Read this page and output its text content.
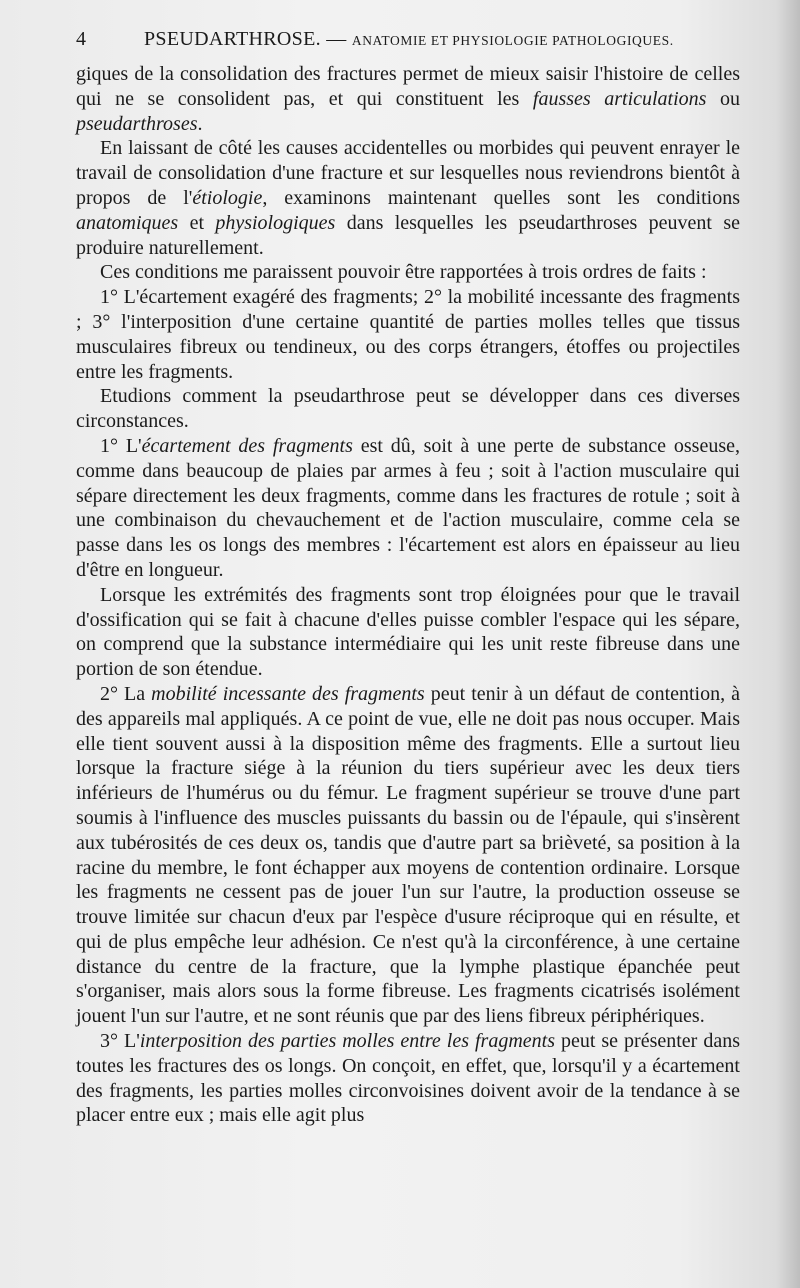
4	PSEUDARTHROSE. — ANATOMIE ET PHYSIOLOGIE PATHOLOGIQUES.

giques de la consolidation des fractures permet de mieux saisir l'histoire de celles qui ne se consolident pas, et qui constituent les fausses articulations ou pseudarthroses.

En laissant de côté les causes accidentelles ou morbides qui peuvent enrayer le travail de consolidation d'une fracture et sur lesquelles nous reviendrons bientôt à propos de l'étiologie, examinons maintenant quelles sont les conditions anatomiques et physiologiques dans lesquelles les pseudarthroses peuvent se produire naturellement.

Ces conditions me paraissent pouvoir être rapportées à trois ordres de faits :

1° L'écartement exagéré des fragments; 2° la mobilité incessante des fragments ; 3° l'interposition d'une certaine quantité de parties molles telles que tissus musculaires fibreux ou tendineux, ou des corps étrangers, étoffes ou projectiles entre les fragments.

Etudions comment la pseudarthrose peut se développer dans ces diverses circonstances.

1° L'écartement des fragments est dû, soit à une perte de substance osseuse, comme dans beaucoup de plaies par armes à feu ; soit à l'action musculaire qui sépare directement les deux fragments, comme dans les fractures de rotule ; soit à une combinaison du chevauchement et de l'action musculaire, comme cela se passe dans les os longs des membres : l'écartement est alors en épaisseur au lieu d'être en longueur.

Lorsque les extrémités des fragments sont trop éloignées pour que le travail d'ossification qui se fait à chacune d'elles puisse combler l'espace qui les sépare, on comprend que la substance intermédiaire qui les unit reste fibreuse dans une portion de son étendue.

2° La mobilité incessante des fragments peut tenir à un défaut de contention, à des appareils mal appliqués. A ce point de vue, elle ne doit pas nous occuper. Mais elle tient souvent aussi à la disposition même des fragments. Elle a surtout lieu lorsque la fracture siége à la réunion du tiers supérieur avec les deux tiers inférieurs de l'humérus ou du fémur. Le fragment supérieur se trouve d'une part soumis à l'influence des muscles puissants du bassin ou de l'épaule, qui s'insèrent aux tubérosités de ces deux os, tandis que d'autre part sa brièveté, sa position à la racine du membre, le font échapper aux moyens de contention ordinaire. Lorsque les fragments ne cessent pas de jouer l'un sur l'autre, la production osseuse se trouve limitée sur chacun d'eux par l'espèce d'usure réciproque qui en résulte, et qui de plus empêche leur adhésion. Ce n'est qu'à la circonférence, à une certaine distance du centre de la fracture, que la lymphe plastique épanchée peut s'organiser, mais alors sous la forme fibreuse. Les fragments cicatrisés isolément jouent l'un sur l'autre, et ne sont réunis que par des liens fibreux périphériques.

3° L'interposition des parties molles entre les fragments peut se présenter dans toutes les fractures des os longs. On conçoit, en effet, que, lorsqu'il y a écartement des fragments, les parties molles circonvoisines doivent avoir de la tendance à se placer entre eux ; mais elle agit plus
